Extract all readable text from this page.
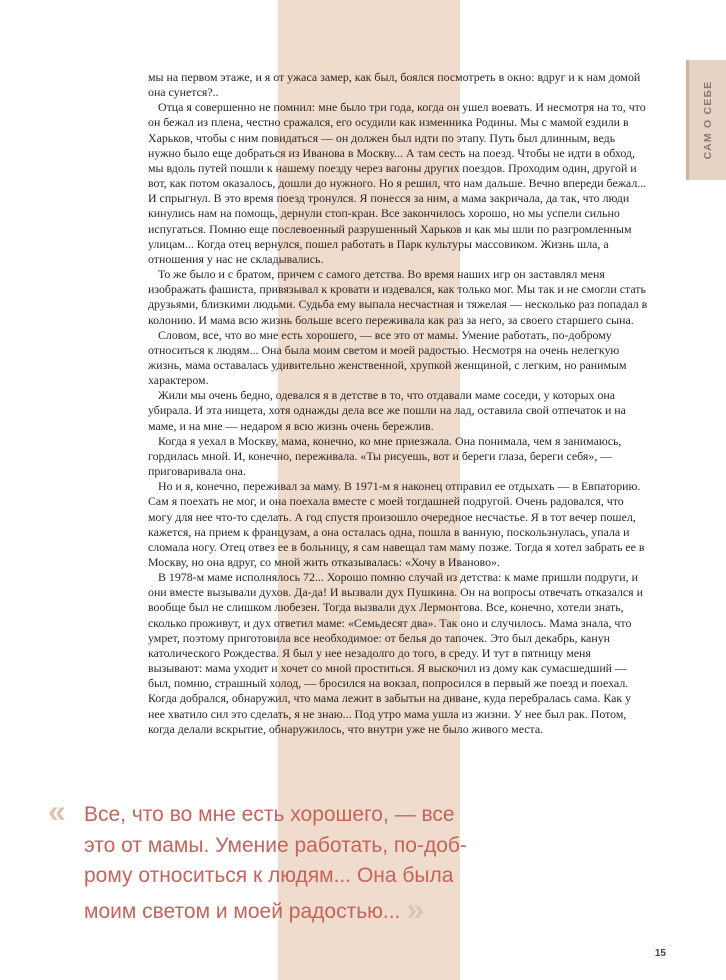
САМ О СЕБЕ

мы на первом этаже, и я от ужаса замер, как был, боялся посмотреть в окно: вдруг и к нам домой она сунется?..

Отца я совершенно не помнил: мне было три года, когда он ушел воевать. И несмотря на то, что он бежал из плена, честно сражался, его осудили как изменника Родины. Мы с мамой ездили в Харьков, чтобы с ним повидаться — он должен был идти по этапу. Путь был длинным, ведь нужно было еще добраться из Иванова в Москву... А там сесть на поезд. Чтобы не идти в обход, мы вдоль путей пошли к нашему поезду через вагоны других поездов. Проходим один, другой и вот, как потом оказалось, дошли до нужного. Но я решил, что нам дальше. Вечно впереди бежал... И спрыгнул. В это время поезд тронулся. Я понесся за ним, а мама закричала, да так, что люди кинулись нам на помощь, дернули стоп-кран. Все закончилось хорошо, но мы успели сильно испугаться. Помню еще послевоенный разрушенный Харьков и как мы шли по разгромленным улицам... Когда отец вернулся, пошел работать в Парк культуры массовиком. Жизнь шла, а отношения у нас не складывались.

То же было и с братом, причем с самого детства. Во время наших игр он заставлял меня изображать фашиста, привязывал к кровати и издевался, как только мог. Мы так и не смогли стать друзьями, близкими людьми. Судьба ему выпала несчастная и тяжелая — несколько раз попадал в колонию. И мама всю жизнь больше всего переживала как раз за него, за своего старшего сына.

Словом, все, что во мне есть хорошего, — все это от мамы. Умение работать, по-доброму относиться к людям... Она была моим светом и моей радостью. Несмотря на очень нелегкую жизнь, мама оставалась удивительно женственной, хрупкой женщиной, с легким, но ранимым характером.

Жили мы очень бедно, одевался я в детстве в то, что отдавали маме соседи, у которых она убирала. И эта нищета, хотя однажды дела все же пошли на лад, оставила свой отпечаток и на маме, и на мне — недаром я всю жизнь очень бережлив.

Когда я уехал в Москву, мама, конечно, ко мне приезжала. Она понимала, чем я занимаюсь, гордилась мной. И, конечно, переживала. «Ты рисуешь, вот и береги глаза, береги себя», — приговаривала она.

Но и я, конечно, переживал за маму. В 1971-м я наконец отправил ее отдыхать — в Евпаторию. Сам я поехать не мог, и она поехала вместе с моей тогдашней подругой. Очень радовался, что могу для нее что-то сделать. А год спустя произошло очередное несчастье. Я в тот вечер пошел, кажется, на прием к французам, а она осталась одна, пошла в ванную, поскользнулась, упала и сломала ногу. Отец отвез ее в больницу, я сам навещал там маму позже. Тогда я хотел забрать ее в Москву, но она вдруг, со мной жить отказывалась: «Хочу в Иваново».

В 1978-м маме исполнялось 72... Хорошо помню случай из детства: к маме пришли подруги, и они вместе вызывали духов. Да-да! И вызвали дух Пушкина. Он на вопросы отвечать отказался и вообще был не слишком любезен. Тогда вызвали дух Лермонтова. Все, конечно, хотели знать, сколько проживут, и дух ответил маме: «Семьдесят два». Так оно и случилось. Мама знала, что умрет, поэтому приготовила все необходимое: от белья до тапочек. Это был декабрь, канун католического Рождества. Я был у нее незадолго до того, в среду. И тут в пятницу меня вызывают: мама уходит и хочет со мной проститься. Я выскочил из дому как сумасшедший — был, помню, страшный холод, — бросился на вокзал, попросился в первый же поезд и поехал. Когда добрался, обнаружил, что мама лежит в забытьи на диване, куда перебралась сама. Как у нее хватило сил это сделать, я не знаю... Под утро мама ушла из жизни. У нее был рак. Потом, когда делали вскрытие, обнаружилось, что внутри уже не было живого места.

« Все, что во мне есть хорошего, — все
это от мамы. Умение работать, по-доб-
рому относиться к людям... Она была
моим светом и моей радостью... »
15
